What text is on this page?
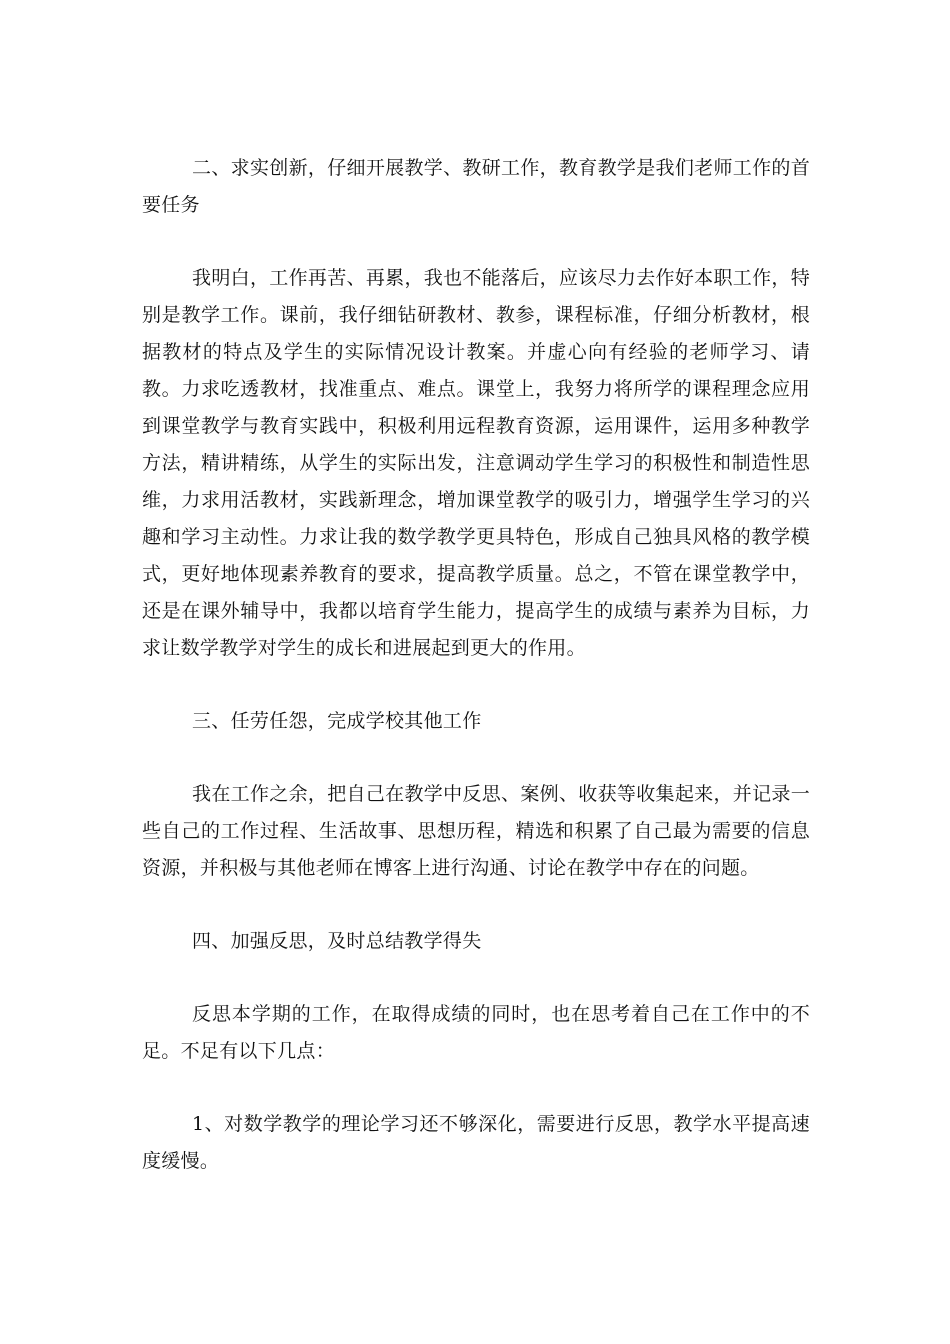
二、求实创新，仔细开展教学、教研工作，教育教学是我们老师工作的首要任务

我明白，工作再苦、再累，我也不能落后，应该尽力去作好本职工作，特别是教学工作。课前，我仔细钻研教材、教参，课程标准，仔细分析教材，根据教材的特点及学生的实际情况设计教案。并虚心向有经验的老师学习、请教。力求吃透教材，找准重点、难点。课堂上，我努力将所学的课程理念应用到课堂教学与教育实践中，积极利用远程教育资源，运用课件，运用多种教学方法，精讲精练，从学生的实际出发，注意调动学生学习的积极性和制造性思维，力求用活教材，实践新理念，增加课堂教学的吸引力，增强学生学习的兴趣和学习主动性。力求让我的数学教学更具特色，形成自己独具风格的教学模式，更好地体现素养教育的要求，提高教学质量。总之，不管在课堂教学中，还是在课外辅导中，我都以培育学生能力，提高学生的成绩与素养为目标，力求让数学教学对学生的成长和进展起到更大的作用。

三、任劳任怨，完成学校其他工作

我在工作之余，把自己在教学中反思、案例、收获等收集起来，并记录一些自己的工作过程、生活故事、思想历程，精选和积累了自己最为需要的信息资源，并积极与其他老师在博客上进行沟通、讨论在教学中存在的问题。

四、加强反思，及时总结教学得失

反思本学期的工作，在取得成绩的同时，也在思考着自己在工作中的不足。不足有以下几点：

1、对数学教学的理论学习还不够深化，需要进行反思，教学水平提高速度缓慢。
